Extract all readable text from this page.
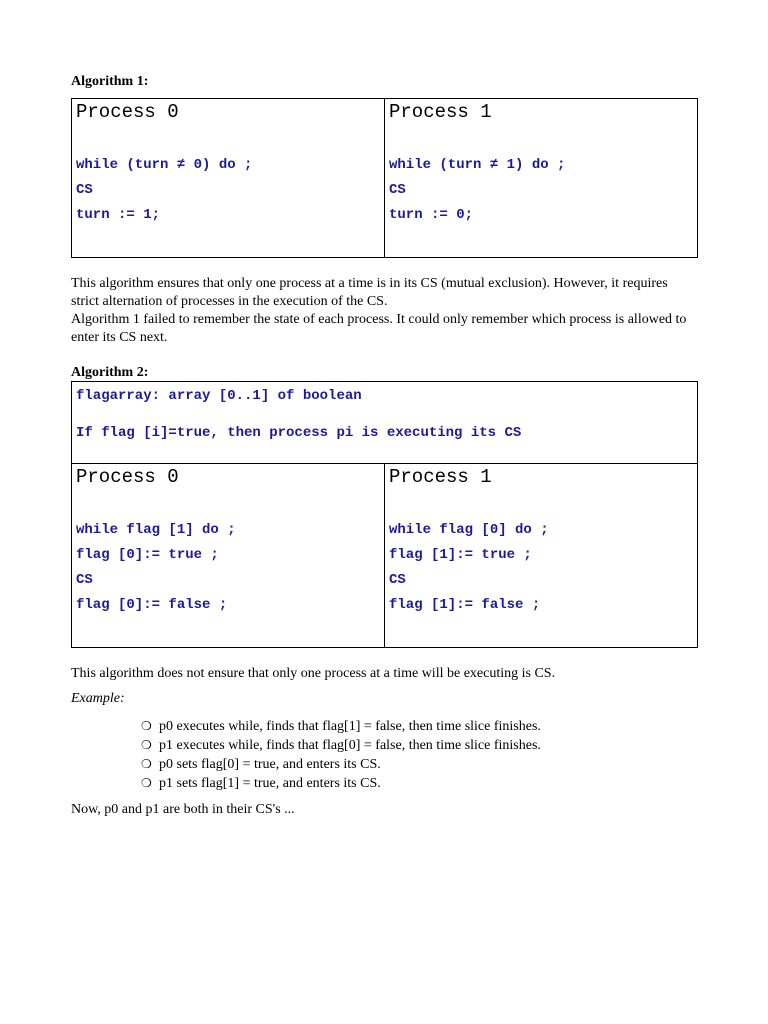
Algorithm 1:
Process 0
while (turn ≠ 0) do ;
CS
turn := 1;

Process 1
while (turn ≠ 1) do ;
CS
turn := 0;
This algorithm ensures that only one process at a time is in its CS (mutual exclusion). However, it requires strict alternation of processes in the execution of the CS.
Algorithm 1 failed to remember the state of each process. It could only remember which process is allowed to enter its CS next.
Algorithm 2:
flagarray: array [0..1] of boolean
If flag [i]=true, then process pi is executing its CS

Process 0
while flag [1] do ;
flag [0]:= true ;
CS
flag [0]:= false ;

Process 1
while flag [0] do ;
flag [1]:= true ;
CS
flag [1]:= false ;
This algorithm does not ensure that only one process at a time will be executing is CS.
Example:
❍ p0 executes while, finds that flag[1] = false, then time slice finishes.
❍ p1 executes while, finds that flag[0] = false, then time slice finishes.
❍ p0 sets flag[0] = true, and enters its CS.
❍ p1 sets flag[1] = true, and enters its CS.
Now, p0 and p1 are both in their CS's ...
